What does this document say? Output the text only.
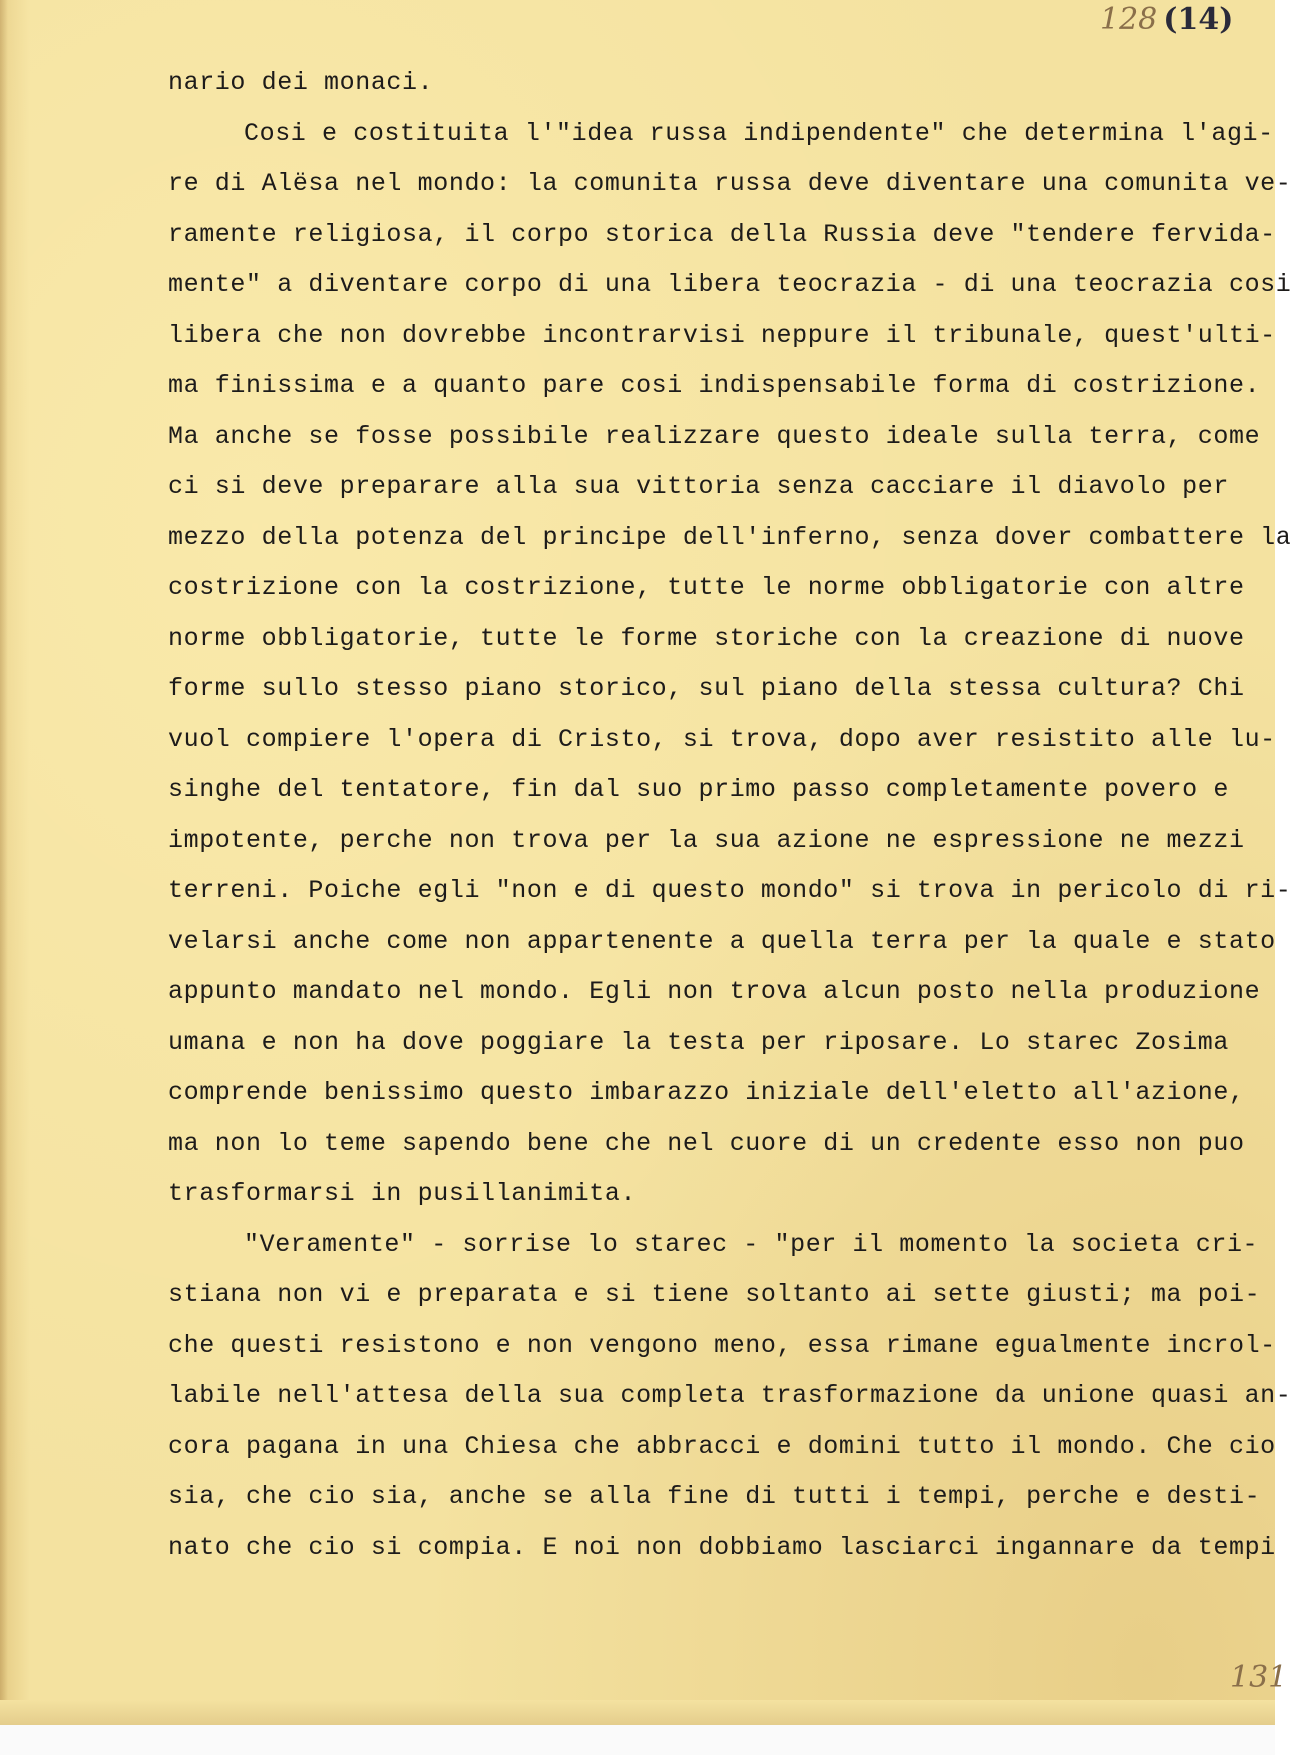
128 (14)
nario dei monaci.
Cosi e costituita l'"idea russa indipendente" che determina l'agi-
re di Alësa nel mondo: la comunita russa deve diventare una comunita ve-
ramente religiosa, il corpo storica della Russia deve "tendere fervida-
mente" a diventare corpo di una libera teocrazia - di una teocrazia cosi
libera che non dovrebbe incontrarvisi neppure il tribunale, quest'ulti-
ma finissima e a quanto pare cosi indispensabile forma di costrizione.
Ma anche se fosse possibile realizzare questo ideale sulla terra, come
ci si deve preparare alla sua vittoria senza cacciare il diavolo per
mezzo della potenza del principe dell'inferno, senza dover combattere la
costrizione con la costrizione, tutte le norme obbligatorie con altre
norme obbligatorie, tutte le forme storiche con la creazione di nuove
forme sullo stesso piano storico, sul piano della stessa cultura? Chi
vuol compiere l'opera di Cristo, si trova, dopo aver resistito alle lu-
singhe del tentatore, fin dal suo primo passo completamente povero e
impotente, perche non trova per la sua azione ne espressione ne mezzi
terreni. Poiche egli "non e di questo mondo" si trova in pericolo di ri-
velarsi anche come non appartenente a quella terra per la quale e stato
appunto mandato nel mondo. Egli non trova alcun posto nella produzione
umana e non ha dove poggiare la testa per riposare. Lo starec Zosima
comprende benissimo questo imbarazzo iniziale dell'eletto all'azione,
ma non lo teme sapendo bene che nel cuore di un credente esso non puo
trasformarsi in pusillanimita.
"Veramente" - sorrise lo starec - "per il momento la societa cri-
stiana non vi e preparata e si tiene soltanto ai sette giusti; ma poi-
che questi resistono e non vengono meno, essa rimane egualmente incrol-
labile nell'attesa della sua completa trasformazione da unione quasi an-
cora pagana in una Chiesa che abbracci e domini tutto il mondo. Che cio
sia, che cio sia, anche se alla fine di tutti i tempi, perche e desti-
nato che cio si compia. E noi non dobbiamo lasciarci ingannare da tempi
131
